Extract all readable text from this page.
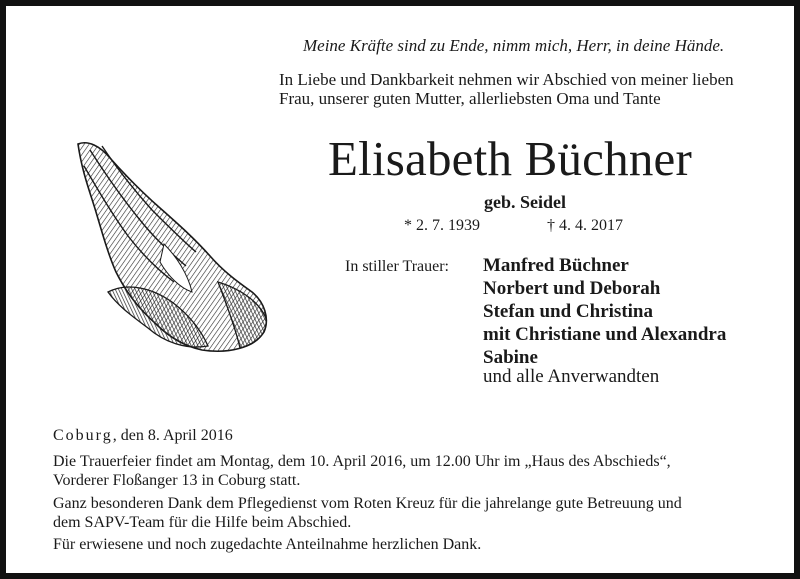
Meine Kräfte sind zu Ende, nimm mich, Herr, in deine Hände.
In Liebe und Dankbarkeit nehmen wir Abschied von meiner lieben
Frau, unserer guten Mutter, allerliebsten Oma und Tante
Elisabeth Büchner
geb. Seidel
* 2. 7. 1939	† 4. 4. 2017
In stiller Trauer: Manfred Büchner
Norbert und Deborah
Stefan und Christina
mit Christiane und Alexandra
Sabine
und alle Anverwandten
Coburg, den 8. April 2016
Die Trauerfeier findet am Montag, dem 10. April 2016, um 12.00 Uhr im „Haus des Abschieds“,
Vorderer Floßanger 13 in Coburg statt.
Ganz besonderen Dank dem Pflegedienst vom Roten Kreuz für die jahrelange gute Betreuung und
dem SAPV-Team für die Hilfe beim Abschied.
Für erwiesene und noch zugedachte Anteilnahme herzlichen Dank.
